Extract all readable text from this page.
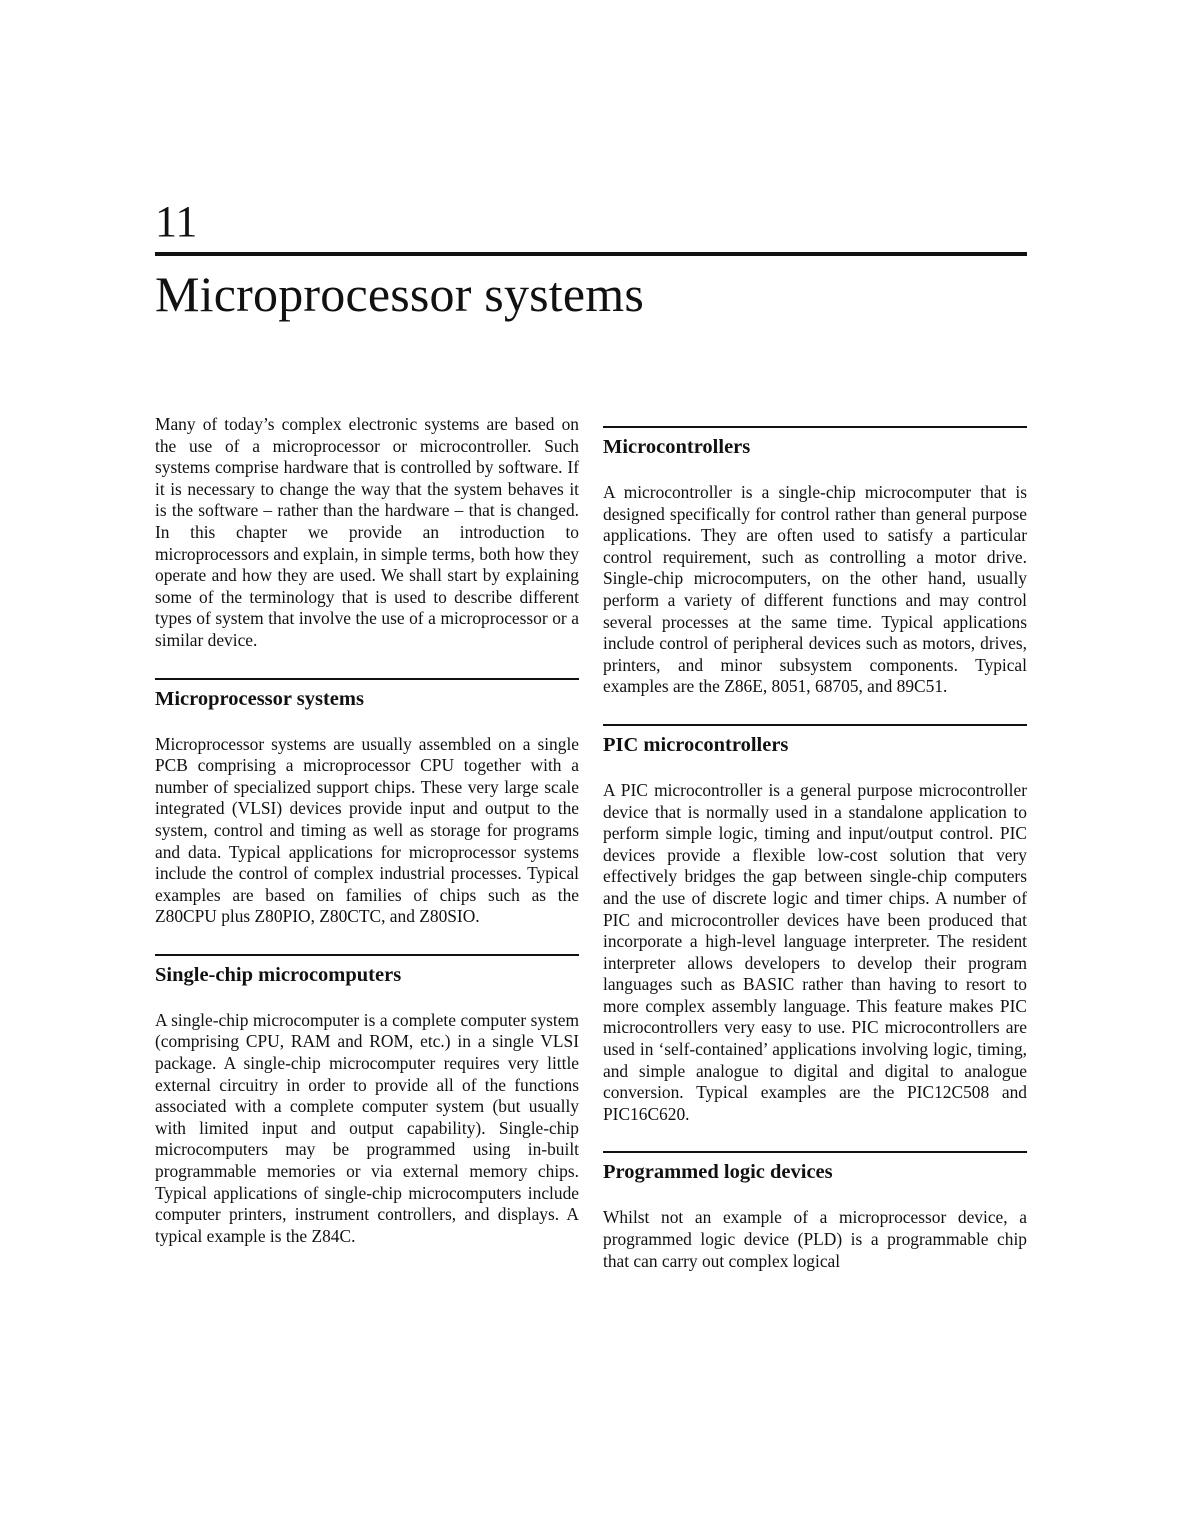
11
Microprocessor systems

Many of today’s complex electronic systems are based on the use of a microprocessor or microcontroller. Such systems comprise hardware that is controlled by software. If it is necessary to change the way that the system behaves it is the software – rather than the hardware – that is changed. In this chapter we provide an introduction to microprocessors and explain, in simple terms, both how they operate and how they are used. We shall start by explaining some of the terminology that is used to describe different types of system that involve the use of a microprocessor or a similar device.

Microprocessor systems

Microprocessor systems are usually assembled on a single PCB comprising a microprocessor CPU together with a number of specialized support chips. These very large scale integrated (VLSI) devices provide input and output to the system, control and timing as well as storage for programs and data. Typical applications for microprocessor systems include the control of complex industrial processes. Typical examples are based on families of chips such as the Z80CPU plus Z80PIO, Z80CTC, and Z80SIO.

Single-chip microcomputers

A single-chip microcomputer is a complete computer system (comprising CPU, RAM and ROM, etc.) in a single VLSI package. A single-chip microcomputer requires very little external circuitry in order to provide all of the functions associated with a complete computer system (but usually with limited input and output capability). Single-chip microcomputers may be programmed using in-built programmable memories or via external memory chips. Typical applications of single-chip microcomputers include computer printers, instrument controllers, and displays. A typical example is the Z84C.

Microcontrollers

A microcontroller is a single-chip microcomputer that is designed specifically for control rather than general purpose applications. They are often used to satisfy a particular control requirement, such as controlling a motor drive. Single-chip microcomputers, on the other hand, usually perform a variety of different functions and may control several processes at the same time. Typical applications include control of peripheral devices such as motors, drives, printers, and minor subsystem components. Typical examples are the Z86E, 8051, 68705, and 89C51.

PIC microcontrollers

A PIC microcontroller is a general purpose microcontroller device that is normally used in a standalone application to perform simple logic, timing and input/output control. PIC devices provide a flexible low-cost solution that very effectively bridges the gap between single-chip computers and the use of discrete logic and timer chips. A number of PIC and microcontroller devices have been produced that incorporate a high-level language interpreter. The resident interpreter allows developers to develop their program languages such as BASIC rather than having to resort to more complex assembly language. This feature makes PIC microcontrollers very easy to use. PIC microcontrollers are used in ‘self-contained’ applications involving logic, timing, and simple analogue to digital and digital to analogue conversion. Typical examples are the PIC12C508 and PIC16C620.

Programmed logic devices

Whilst not an example of a microprocessor device, a programmed logic device (PLD) is a programmable chip that can carry out complex logical
